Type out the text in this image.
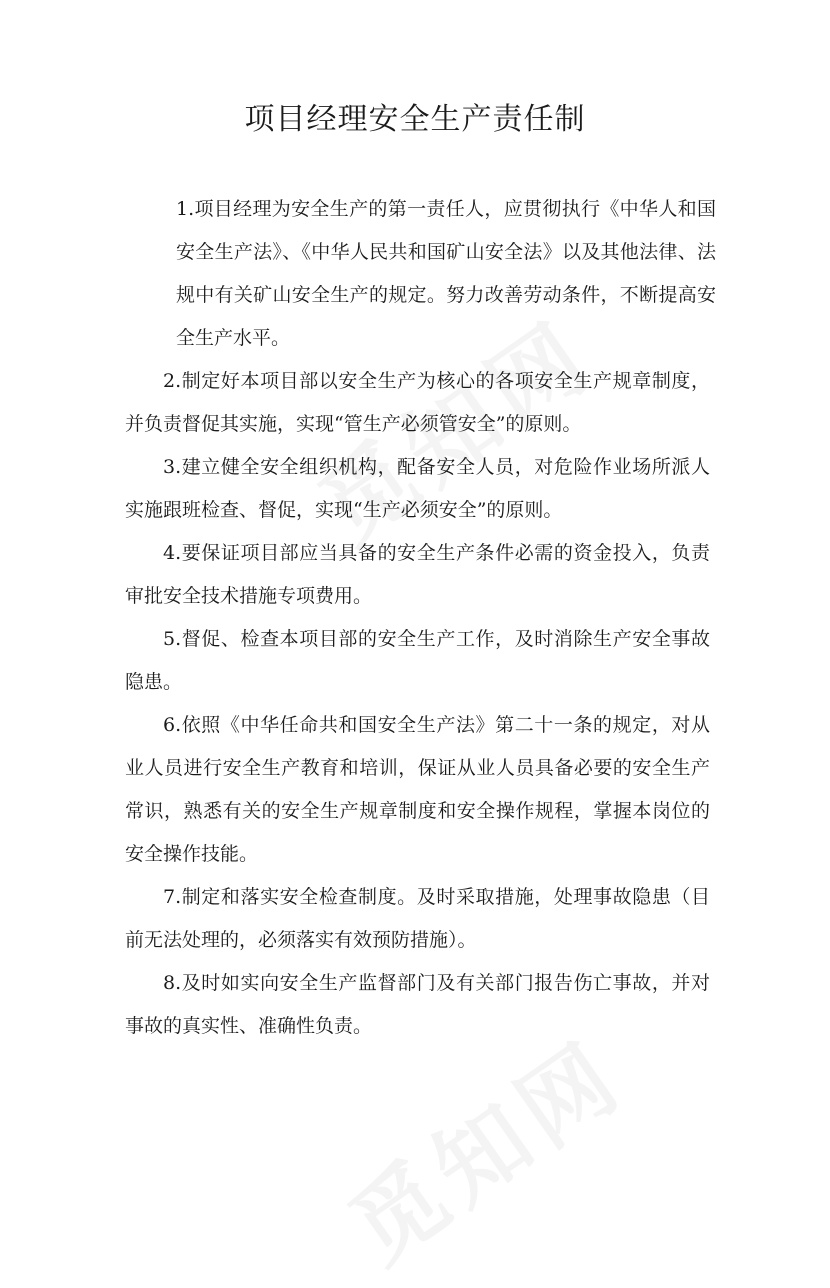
项目经理安全生产责任制

1.项目经理为安全生产的第一责任人，应贯彻执行《中华人和国安全生产法》、《中华人民共和国矿山安全法》以及其他法律、法规中有关矿山安全生产的规定。努力改善劳动条件，不断提高安全生产水平。

2.制定好本项目部以安全生产为核心的各项安全生产规章制度，并负责督促其实施，实现“管生产必须管安全”的原则。

3.建立健全安全组织机构，配备安全人员，对危险作业场所派人实施跟班检查、督促，实现“生产必须安全”的原则。

4.要保证项目部应当具备的安全生产条件必需的资金投入，负责审批安全技术措施专项费用。

5.督促、检查本项目部的安全生产工作，及时消除生产安全事故隐患。

6.依照《中华任命共和国安全生产法》第二十一条的规定，对从业人员进行安全生产教育和培训，保证从业人员具备必要的安全生产常识，熟悉有关的安全生产规章制度和安全操作规程，掌握本岗位的安全操作技能。

7.制定和落实安全检查制度。及时采取措施，处理事故隐患（目前无法处理的，必须落实有效预防措施）。

8.及时如实向安全生产监督部门及有关部门报告伤亡事故，并对事故的真实性、准确性负责。
